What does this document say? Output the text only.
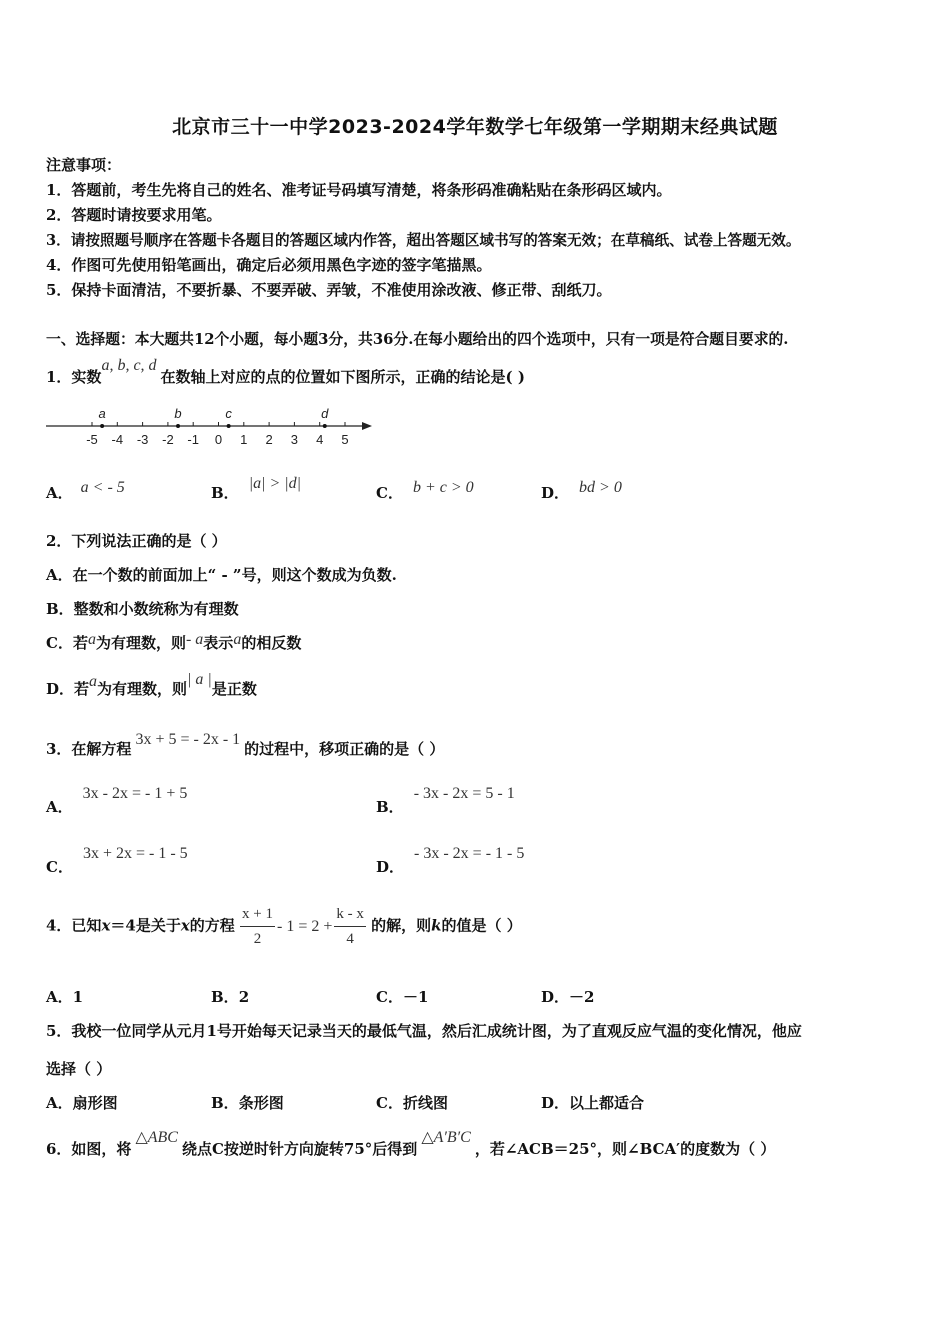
北京市三十一中学2023-2024学年数学七年级第一学期期末经典试题
注意事项：
1．答题前，考生先将自己的姓名、准考证号码填写清楚，将条形码准确粘贴在条形码区域内。
2．答题时请按要求用笔。
3．请按照题号顺序在答题卡各题目的答题区域内作答，超出答题区域书写的答案无效；在草稿纸、试卷上答题无效。
4．作图可先使用铅笔画出，确定后必须用黑色字迹的签字笔描黑。
5．保持卡面清洁，不要折暴、不要弄破、弄皱，不准使用涂改液、修正带、刮纸刀。
一、选择题：本大题共12个小题，每小题3分，共36分.在每小题给出的四个选项中，只有一项是符合题目要求的.
1．实数a, b, c, d在数轴上对应的点的位置如下图所示，正确的结论是( )
-5 -4 -3 -2 -1 0 1 2 3 4 5
a	b	c	d
A． a < - 5	B．|a| > |d|
C． b + c > 0	D． bd > 0
2．下列说法正确的是（ ）
A．在一个数的前面加上“ - ”号，则这个数成为负数.
B．整数和小数统称为有理数
C．若a为有理数，则- a表示a的相反数
D．若a为有理数，则| a |是正数
3．在解方程3x + 5 = - 2x - 1的过程中，移项正确的是（ ）
A．3x - 2x = - 1 + 5
B．- 3x - 2x = 5 - 1
C．3x + 2x = - 1 - 5
D．- 3x - 2x = - 1 - 5
4．已知x＝4是关于x的方程 $\frac{x + 1}{2} - 1 = 2 + \frac{k - x}{4}$ 的解，则k的值是（ ）
A．1	B．2	C．－1	D．－2
5．我校一位同学从元月1号开始每天记录当天的最低气温，然后汇成统计图，为了直观反应气温的变化情况，他应
选择（ ）
A．扇形图	B．条形图	C．折线图	D．以上都适合
6．如图，将△ABC绕点C按逆时针方向旋转75°后得到△A′B′C，若∠ACB＝25°，则∠BCA′的度数为（ ）
